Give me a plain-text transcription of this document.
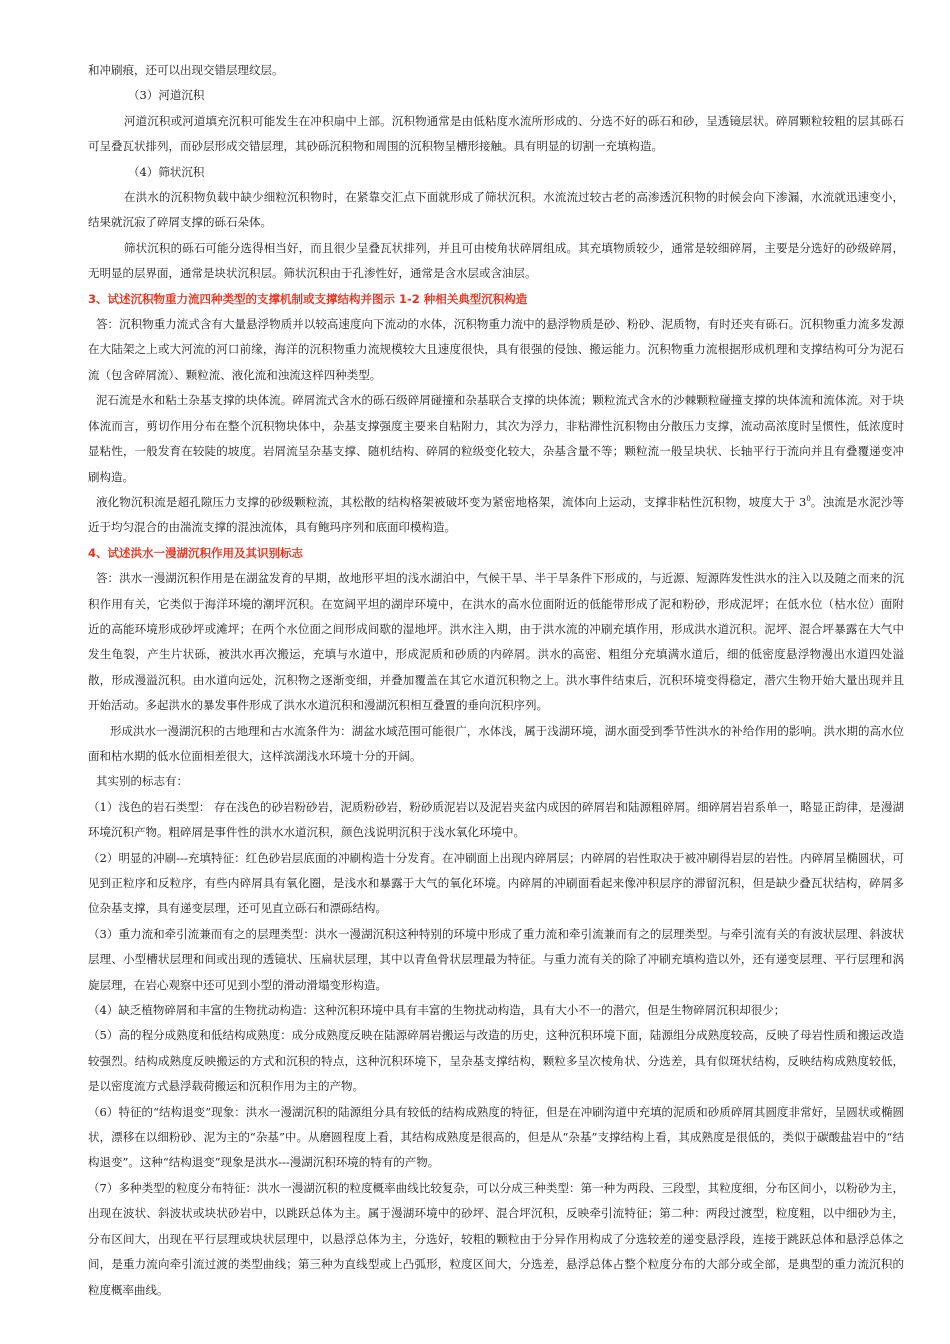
和冲刷痕，还可以出现交错层理纹层。

（3）河道沉积

河道沉积或河道填充沉积可能发生在冲积扇中上部。沉积物通常是由低粘度水流所形成的、分选不好的砾石和砂，呈透镜层状。碎屑颗粒较粗的层其砾石可呈叠瓦状排列，而砂层形成交错层理，其砂砾沉积物和周围的沉积物呈槽形接触。具有明显的切割一充填构造。

（4）筛状沉积

在洪水的沉积物负载中缺少细粒沉积物时，在紧靠交汇点下面就形成了筛状沉积。水流流过较古老的高渗透沉积物的时候会向下渗漏，水流就迅速变小，结果就沉寂了碎屑支撑的砾石朵体。

筛状沉积的砾石可能分选得相当好，而且很少呈叠瓦状排列，并且可由棱角状碎屑组成。其充填物质较少，通常是较细碎屑，主要是分选好的砂级碎屑，无明显的层界面，通常是块状沉积层。筛状沉积由于孔渗性好，通常是含水层或含油层。

3、试述沉积物重力流四种类型的支撑机制或支撑结构并图示 1-2 种相关典型沉积构造

答：沉积物重力流式含有大量悬浮物质并以较高速度向下流动的水体，沉积物重力流中的悬浮物质是砂、粉砂、泥质物，有时还夹有砾石。沉积物重力流多发源在大陆架之上或大河流的河口前缘，海洋的沉积物重力流规模较大且速度很快，具有很强的侵蚀、搬运能力。沉积物重力流根据形成机理和支撑结构可分为泥石流（包含碎屑流）、颗粒流、液化流和浊流这样四种类型。

泥石流是水和粘土杂基支撑的块体流。碎屑流式含水的砾石级碎屑碰撞和杂基联合支撑的块体流；颗粒流式含水的沙棘颗粒碰撞支撑的块体流和流体流。对于块体流而言，剪切作用分布在整个沉积物块体中，杂基支撑强度主要来自粘附力，其次为浮力，非粘滞性沉积物由分散压力支撑，流动高浓度时呈惯性，低浓度时显粘性，一般发育在较陡的坡度。岩屑流呈杂基支撑、随机结构、碎屑的粒级变化较大，杂基含量不等；颗粒流一般呈块状、长轴平行于流向并且有叠覆递变冲刷构造。

液化物沉积流是超孔隙压力支撑的砂级颗粒流，其松散的结构格架被破坏变为紧密地格架，流体向上运动，支撑非粘性沉积物，坡度大于 $3^0$。浊流是水泥沙等近于均匀混合的由湍流支撑的混浊流体，具有鲍玛序列和底面印模构造。

4、试述洪水一漫湖沉积作用及其识别标志

答：洪水一漫湖沉积作用是在湖盆发育的早期，故地形平坦的浅水湖泊中，气候干旱、半干旱条件下形成的，与近源、短源阵发性洪水的注入以及随之而来的沉积作用有关，它类似于海洋环境的潮坪沉积。在宽阔平坦的湖岸环境中，在洪水的高水位面附近的低能带形成了泥和粉砂，形成泥坪；在低水位（枯水位）面附近的高能环境形成砂坪或滩坪；在两个水位面之间形成间歇的湿地坪。洪水注入期，由于洪水流的冲刷充填作用，形成洪水道沉积。泥坪、混合坪暴露在大气中发生龟裂，产生片状砾，被洪水再次搬运，充填与水道中，形成泥质和砂质的内碎屑。洪水的高密、粗组分充填满水道后，细的低密度悬浮物漫出水道四处溢散，形成漫溢沉积。由水道向远处，沉积物之逐渐变细，并叠加覆盖在其它水道沉积物之上。洪水事件结束后，沉积环境变得稳定，潜穴生物开始大量出现并且开始活动。多起洪水的暴发事件形成了洪水水道沉积和漫湖沉积相互叠置的垂向沉积序列。

形成洪水一漫湖沉积的古地理和古水流条件为：湖盆水域范围可能很广，水体浅，属于浅湖环境，湖水面受到季节性洪水的补给作用的影响。洪水期的高水位面和枯水期的低水位面相差很大，这样滨湖浅水环境十分的开阔。

其实别的标志有：

（1）浅色的岩石类型： 存在浅色的砂岩粉砂岩，泥质粉砂岩，粉砂质泥岩以及泥岩夹盆内成因的碎屑岩和陆源粗碎屑。细碎屑岩岩系单一，略显正韵律，是漫湖环境沉积产物。粗碎屑是事件性的洪水水道沉积，颜色浅说明沉积于浅水氧化环境中。

（2）明显的冲刷---充填特征：红色砂岩层底面的冲刷构造十分发育。在冲刷面上出现内碎屑层；内碎屑的岩性取决于被冲刷得岩层的岩性。内碎屑呈椭圆状，可见到正粒序和反粒序，有些内碎屑具有氧化圈，是浅水和暴露于大气的氧化环境。内碎屑的冲刷面看起来像冲积层序的滞留沉积，但是缺少叠瓦状结构，碎屑多位杂基支撑，具有递变层理，还可见直立砾石和漂砾结构。

（3）重力流和牵引流兼而有之的层理类型：洪水一漫湖沉积这种特别的环境中形成了重力流和牵引流兼而有之的层理类型。与牵引流有关的有波状层理、斜波状层理、小型槽状层理和间或出现的透镜状、压扁状层理，其中以青鱼骨状层理最为特征。与重力流有关的除了冲刷充填构造以外，还有递变层理、平行层理和涡旋层理，在岩心观察中还可见到小型的滑动滑塌变形构造。

（4）缺乏植物碎屑和丰富的生物扰动构造：这种沉积环境中具有丰富的生物扰动构造，具有大小不一的潜穴，但是生物碎屑沉积却很少；

（5）高的程分成熟度和低结构成熟度：成分成熟度反映在陆源碎屑岩搬运与改造的历史，这种沉积环境下面，陆源组分成熟度较高，反映了母岩性质和搬运改造较强烈。结构成熟度反映搬运的方式和沉积的特点，这种沉积环境下，呈杂基支撑结构，颗粒多呈次棱角状、分选差，具有似斑状结构，反映结构成熟度较低，是以密度流方式悬浮载荷搬运和沉积作用为主的产物。

（6）特征的“结构退变”现象：洪水一漫湖沉积的陆源组分具有较低的结构成熟度的特征，但是在冲刷沟道中充填的泥质和砂质碎屑其圆度非常好，呈圆状或椭圆状，漂移在以细粉砂、泥为主的“杂基”中。从磨圆程度上看，其结构成熟度是很高的，但是从“杂基”支撑结构上看，其成熟度是很低的，类似于碳酸盐岩中的“结构退变”。这种“结构退变”现象是洪水---漫湖沉积环境的特有的产物。

（7）多种类型的粒度分布特征：洪水一漫湖沉积的粒度概率曲线比较复杂，可以分成三种类型：第一种为两段、三段型，其粒度细，分布区间小，以粉砂为主，出现在波状、斜波状或块状砂岩中，以跳跃总体为主。属于漫湖环境中的砂坪、混合坪沉积，反映牵引流特征；第二种：两段过渡型，粒度粗，以中细砂为主，分布区间大，出现在平行层理或块状层理中，以悬浮总体为主，分选好，较粗的颗粒由于分异作用构成了分选较差的递变悬浮段，连接于跳跃总体和悬浮总体之间，是重力流向牵引流过渡的类型曲线；第三种为直线型或上凸弧形，粒度区间大，分选差，悬浮总体占整个粒度分布的大部分或全部，是典型的重力流沉积的粒度概率曲线。
